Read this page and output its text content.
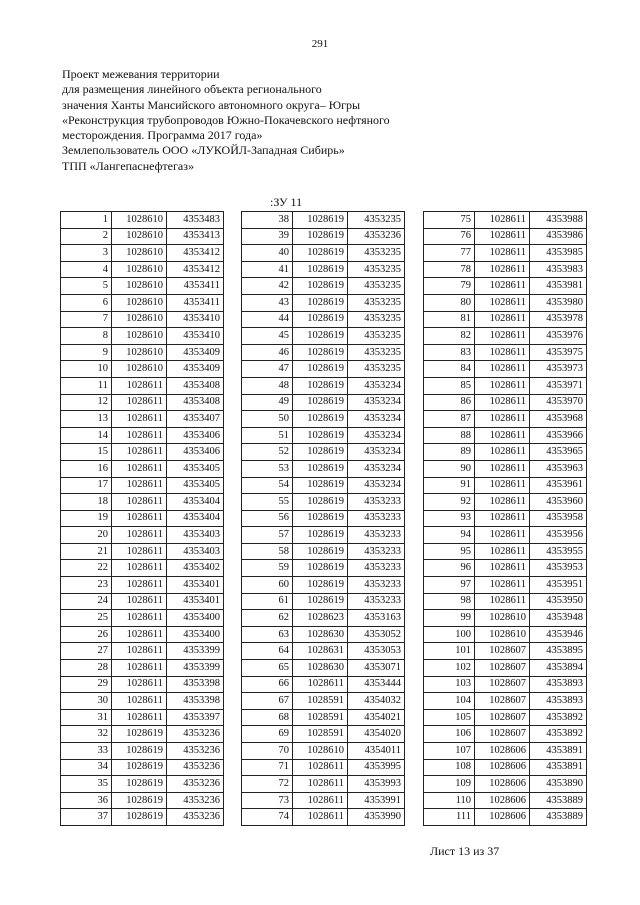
291
Проект межевания территории
для размещения линейного объекта регионального
значения Ханты Мансийского автономного округа– Югры
«Реконструкция трубопроводов Южно-Покачевского нефтяного
месторождения. Программа 2017 года»
Землепользователь ООО «ЛУКОЙЛ-Западная Сибирь»
ТПП «Лангепаснефтегаз»
:ЗУ 11
1	1028610	4353483
2	1028610	4353413
3	1028610	4353412
4	1028610	4353412
5	1028610	4353411
6	1028610	4353411
7	1028610	4353410
8	1028610	4353410
9	1028610	4353409
10	1028610	4353409
11	1028611	4353408
12	1028611	4353408
13	1028611	4353407
14	1028611	4353406
15	1028611	4353406
16	1028611	4353405
17	1028611	4353405
18	1028611	4353404
19	1028611	4353404
20	1028611	4353403
21	1028611	4353403
22	1028611	4353402
23	1028611	4353401
24	1028611	4353401
25	1028611	4353400
26	1028611	4353400
27	1028611	4353399
28	1028611	4353399
29	1028611	4353398
30	1028611	4353398
31	1028611	4353397
32	1028619	4353236
33	1028619	4353236
34	1028619	4353236
35	1028619	4353236
36	1028619	4353236
37	1028619	4353236
38	1028619	4353235
39	1028619	4353236
40	1028619	4353235
41	1028619	4353235
42	1028619	4353235
43	1028619	4353235
44	1028619	4353235
45	1028619	4353235
46	1028619	4353235
47	1028619	4353235
48	1028619	4353234
49	1028619	4353234
50	1028619	4353234
51	1028619	4353234
52	1028619	4353234
53	1028619	4353234
54	1028619	4353234
55	1028619	4353233
56	1028619	4353233
57	1028619	4353233
58	1028619	4353233
59	1028619	4353233
60	1028619	4353233
61	1028619	4353233
62	1028623	4353163
63	1028630	4353052
64	1028631	4353053
65	1028630	4353071
66	1028611	4353444
67	1028591	4354032
68	1028591	4354021
69	1028591	4354020
70	1028610	4354011
71	1028611	4353995
72	1028611	4353993
73	1028611	4353991
74	1028611	4353990
75	1028611	4353988
76	1028611	4353986
77	1028611	4353985
78	1028611	4353983
79	1028611	4353981
80	1028611	4353980
81	1028611	4353978
82	1028611	4353976
83	1028611	4353975
84	1028611	4353973
85	1028611	4353971
86	1028611	4353970
87	1028611	4353968
88	1028611	4353966
89	1028611	4353965
90	1028611	4353963
91	1028611	4353961
92	1028611	4353960
93	1028611	4353958
94	1028611	4353956
95	1028611	4353955
96	1028611	4353953
97	1028611	4353951
98	1028611	4353950
99	1028610	4353948
100	1028610	4353946
101	1028607	4353895
102	1028607	4353894
103	1028607	4353893
104	1028607	4353893
105	1028607	4353892
106	1028607	4353892
107	1028606	4353891
108	1028606	4353891
109	1028606	4353890
110	1028606	4353889
111	1028606	4353889
Лист 13 из 37
